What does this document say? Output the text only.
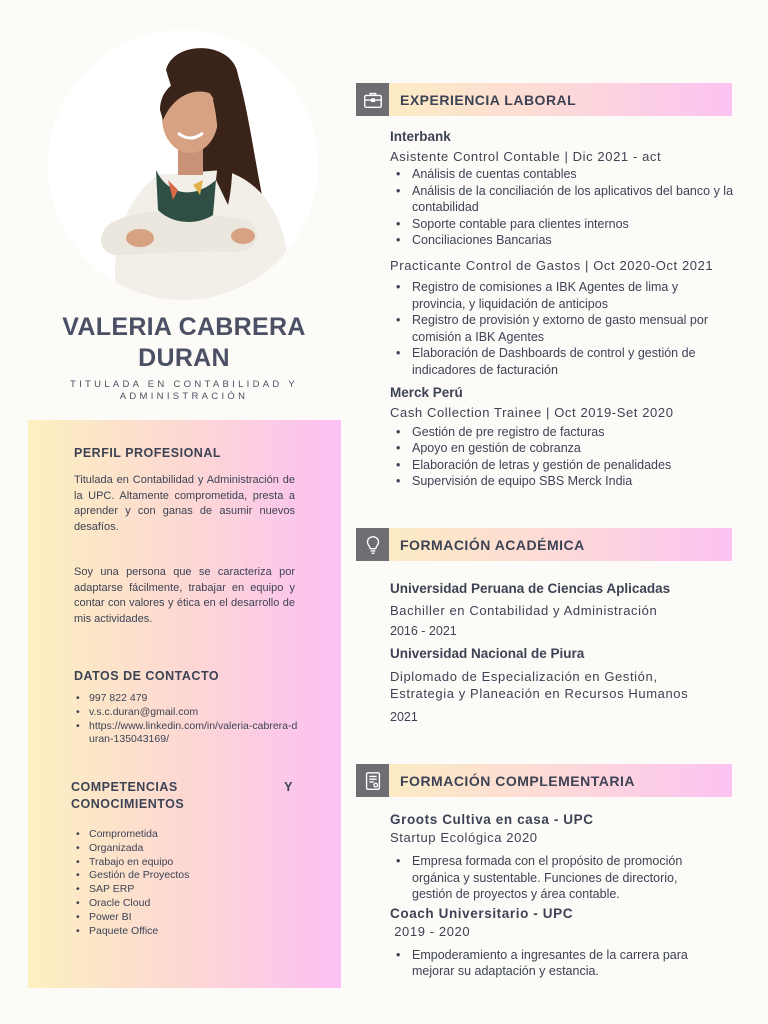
VALERIA CABRERA
DURAN
TITULADA EN CONTABILIDAD Y ADMINISTRACIÓN
PERFIL PROFESIONAL
Titulada en Contabilidad y Administración de la UPC. Altamente comprometida, presta a aprender y con ganas de asumir nuevos desafíos.
Soy una persona que se caracteriza por adaptarse fácilmente, trabajar en equipo y contar con valores y ética en el desarrollo de mis actividades.
DATOS DE CONTACTO
• 997 822 479
• v.s.c.duran@gmail.com
• https://www.linkedin.com/in/valeria-cabrera-duran-135043169/
COMPETENCIAS	Y
CONOCIMIENTOS
• Comprometida
• Organizada
• Trabajo en equipo
• Gestión de Proyectos
• SAP ERP
• Oracle Cloud
• Power BI
• Paquete Office
EXPERIENCIA LABORAL
Interbank
Asistente Control Contable | Dic 2021 - act
• Análisis de cuentas contables
• Análisis de la conciliación de los aplicativos del banco y la contabilidad
• Soporte contable para clientes internos
• Conciliaciones Bancarias
Practicante Control de Gastos | Oct 2020-Oct 2021
• Registro de comisiones a IBK Agentes de lima y provincia, y liquidación de anticipos
• Registro de provisión y extorno de gasto mensual por comisión a IBK Agentes
• Elaboración de Dashboards de control y gestión de indicadores de facturación
Merck Perú
Cash Collection Trainee | Oct 2019-Set 2020
• Gestión de pre registro de facturas
• Apoyo en gestión de cobranza
• Elaboración de letras y gestión de penalidades
• Supervisión de equipo SBS Merck India
FORMACIÓN ACADÉMICA
Universidad Peruana de Ciencias Aplicadas
Bachiller en Contabilidad y Administración
2016 - 2021
Universidad Nacional de Piura
Diplomado de Especialización en Gestión, Estrategia y Planeación en Recursos Humanos
2021
FORMACIÓN COMPLEMENTARIA
Groots Cultiva en casa - UPC
Startup Ecológica 2020
• Empresa formada con el propósito de promoción orgánica y sustentable. Funciones de directorio, gestión de proyectos y área contable.
Coach Universitario - UPC
2019 - 2020
• Empoderamiento a ingresantes de la carrera para mejorar su adaptación y estancia.
